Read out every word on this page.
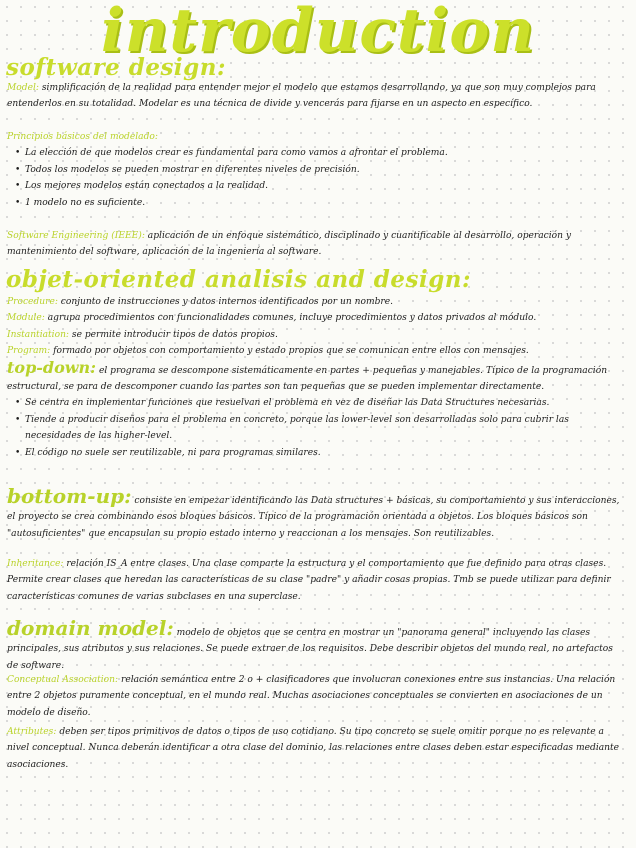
introduction
software design:
Model: simplificación de la realidad para entender mejor el modelo que estamos desarrollando, ya que son muy complejos para entenderlos en su totalidad. Modelar es una técnica de divide y vencerás para fijarse en un aspecto en específico.
Principios básicos del modelado:
• La elección de que modelos crear es fundamental para como vamos a afrontar el problema.
• Todos los modelos se pueden mostrar en diferentes niveles de precisión.
• Los mejores modelos están conectados a la realidad.
• 1 modelo no es suficiente.
Software Engineering (IEEE): aplicación de un enfoque sistemático, disciplinado y cuantificable al desarrollo, operación y mantenimiento del software, aplicación de la ingeniería al software.
objet-oriented analisis and design:
Procedure: conjunto de instrucciones y datos internos identificados por un nombre.
Module: agrupa procedimientos con funcionalidades comunes, incluye procedimientos y datos privados al módulo.
Instantiation: se permite introducir tipos de datos propios.
Program: formado por objetos con comportamiento y estado propios que se comunican entre ellos con mensajes.
top-down: el programa se descompone sistemáticamente en partes + pequeñas y manejables. Típico de la programación estructural, se para de descomponer cuando las partes son tan pequeñas que se pueden implementar directamente.
• Se centra en implementar funciones que resuelvan el problema en vez de diseñar las Data Structures necesarias.
• Tiende a producir diseños para el problema en concreto, porque las lower-level son desarrolladas solo para cubrir las necesidades de las higher-level.
• El código no suele ser reutilizable, ni para programas similares.
bottom-up: consiste en empezar identificando las Data structures + básicas, su comportamiento y sus interacciones, el proyecto se crea combinando esos bloques básicos. Típico de la programación orientada a objetos. Los bloques básicos son "autosuficientes" que encapsulan su propio estado interno y reaccionan a los mensajes. Son reutilizables.
Inheritance: relación IS_A entre clases. Una clase comparte la estructura y el comportamiento que fue definido para otras clases. Permite crear clases que heredan las características de su clase "padre" y añadir cosas propias. Tmb se puede utilizar para definir características comunes de varias subclases en una superclase.
domain model: modelo de objetos que se centra en mostrar un "panorama general" incluyendo las clases principales, sus atributos y sus relaciones. Se puede extraer de los requisitos. Debe describir objetos del mundo real, no artefactos de software.
Conceptual Association: relación semántica entre 2 o + clasificadores que involucran conexiones entre sus instancias. Una relación entre 2 objetos puramente conceptual, en el mundo real. Muchas asociaciones conceptuales se convierten en asociaciones de un modelo de diseño.
Attributes: deben ser tipos primitivos de datos o tipos de uso cotidiano. Su tipo concreto se suele omitir porque no es relevante a nivel conceptual. Nunca deberán identificar a otra clase del dominio, las relaciones entre clases deben estar especificadas mediante asociaciones.
